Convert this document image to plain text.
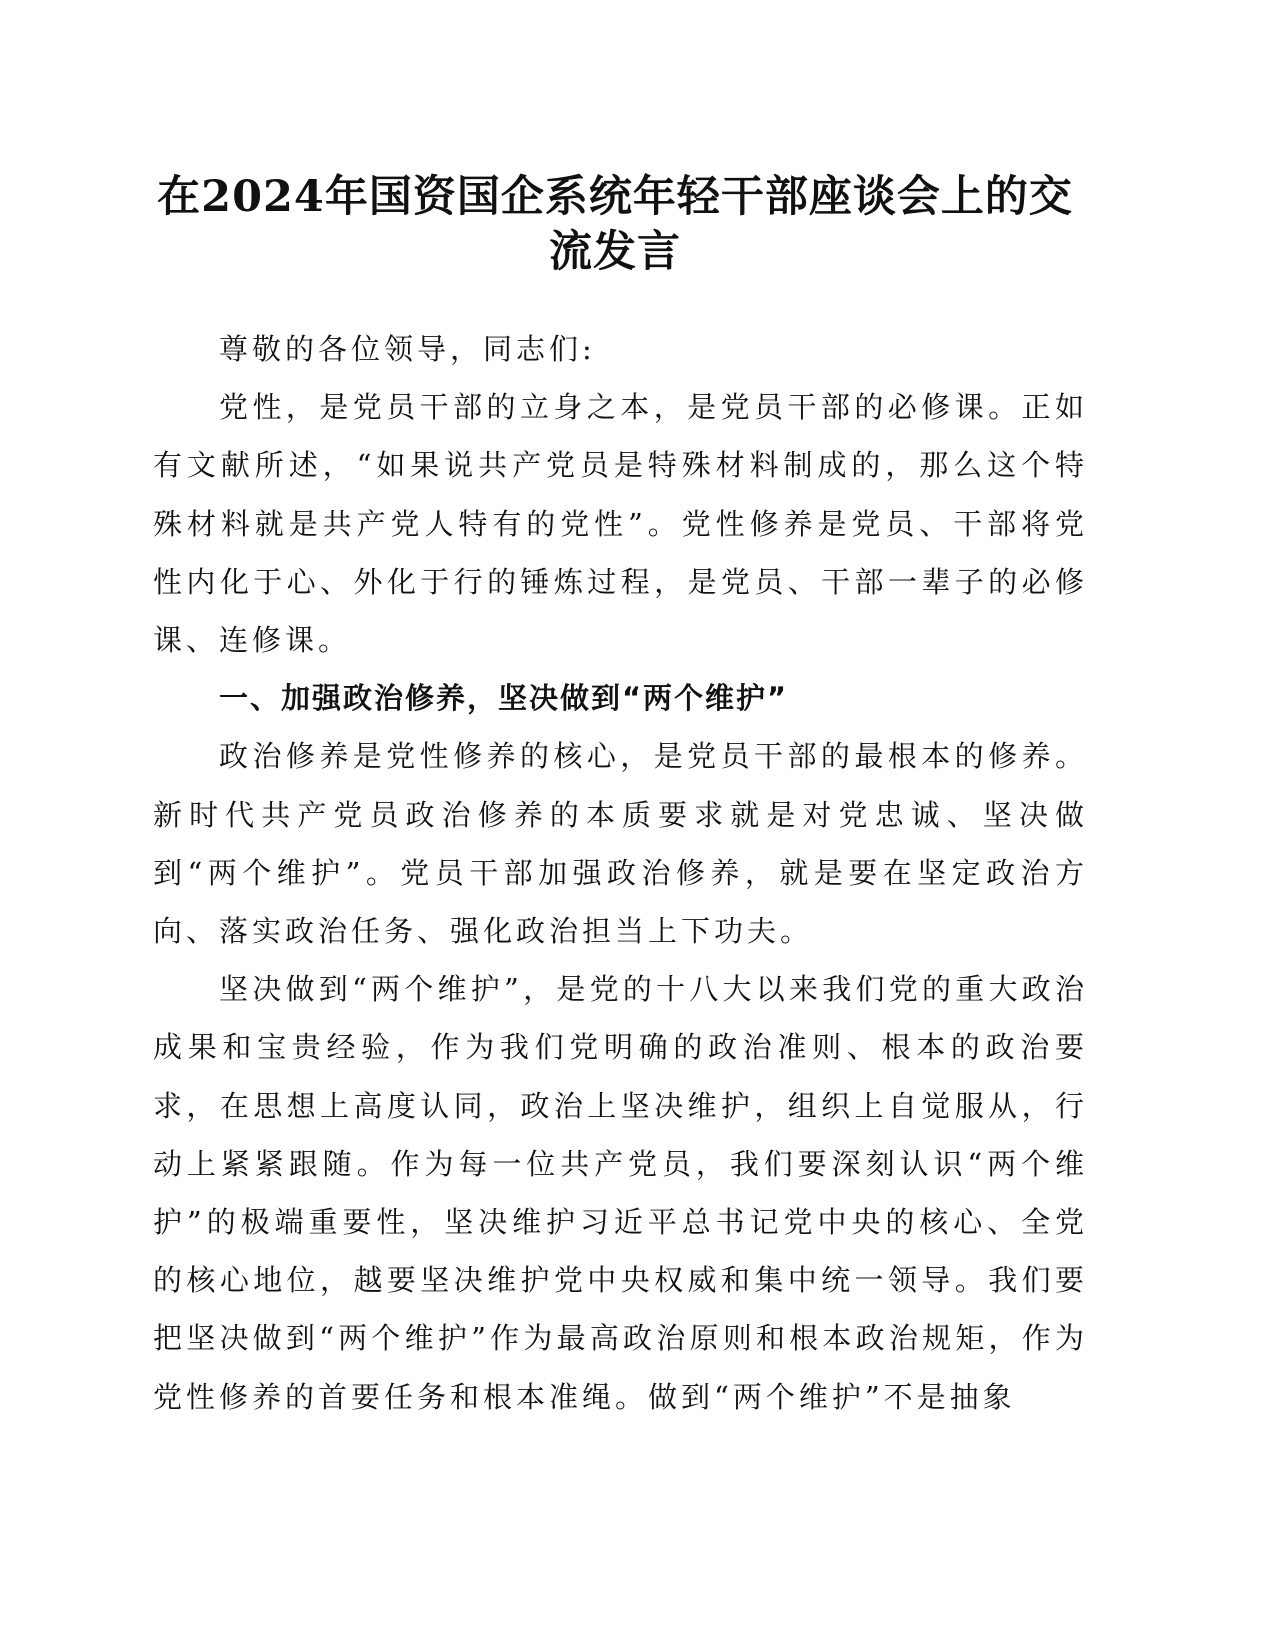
在2024年国资国企系统年轻干部座谈会上的交流发言

尊敬的各位领导，同志们:

党性，是党员干部的立身之本，是党员干部的必修课。正如有文献所述，“如果说共产党员是特殊材料制成的，那么这个特殊材料就是共产党人特有的党性”。党性修养是党员、干部将党性内化于心、外化于行的锤炼过程，是党员、干部一辈子的必修课、连修课。

一、加强政治修养，坚决做到“两个维护”

政治修养是党性修养的核心，是党员干部的最根本的修养。新时代共产党员政治修养的本质要求就是对党忠诚、坚决做到“两个维护”。党员干部加强政治修养，就是要在坚定政治方向、落实政治任务、强化政治担当上下功夫。

坚决做到“两个维护”，是党的十八大以来我们党的重大政治成果和宝贵经验，作为我们党明确的政治准则、根本的政治要求，在思想上高度认同，政治上坚决维护，组织上自觉服从，行动上紧紧跟随。作为每一位共产党员，我们要深刻认识“两个维护”的极端重要性，坚决维护习近平总书记党中央的核心、全党的核心地位，越要坚决维护党中央权威和集中统一领导。我们要把坚决做到“两个维护”作为最高政治原则和根本政治规矩，作为党性修养的首要任务和根本准绳。做到“两个维护”不是抽象
